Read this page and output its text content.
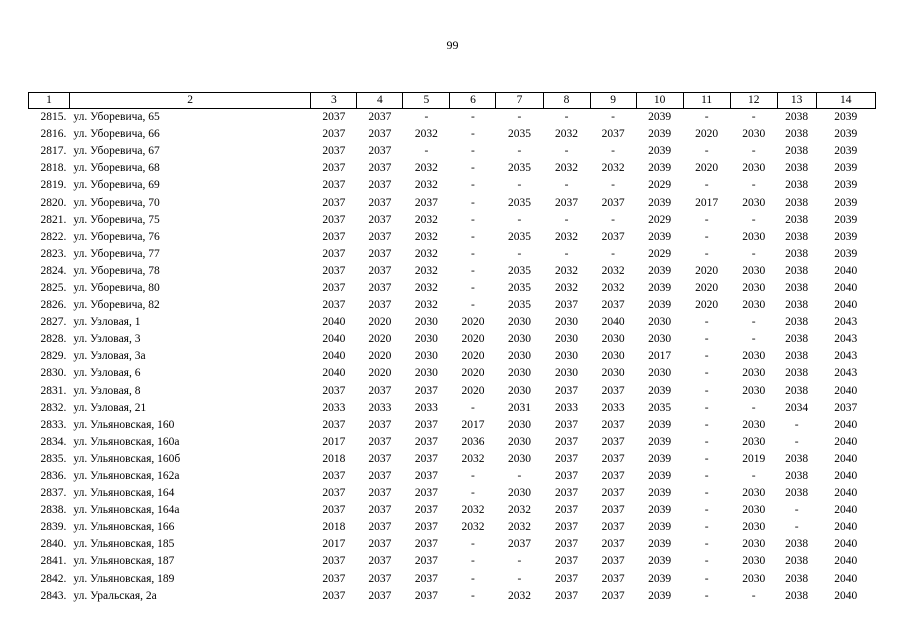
99
1	2	3	4	5	6	7	8	9	10	11	12	13	14
2815.	ул. Уборевича, 65	2037	2037	-	-	-	-	-	2039	-	-	2038	2039
2816.	ул. Уборевича, 66	2037	2037	2032	-	2035	2032	2037	2039	2020	2030	2038	2039
2817.	ул. Уборевича, 67	2037	2037	-	-	-	-	-	2039	-	-	2038	2039
2818.	ул. Уборевича, 68	2037	2037	2032	-	2035	2032	2032	2039	2020	2030	2038	2039
2819.	ул. Уборевича, 69	2037	2037	2032	-	-	-	-	2029	-	-	2038	2039
2820.	ул. Уборевича, 70	2037	2037	2037	-	2035	2037	2037	2039	2017	2030	2038	2039
2821.	ул. Уборевича, 75	2037	2037	2032	-	-	-	-	2029	-	-	2038	2039
2822.	ул. Уборевича, 76	2037	2037	2032	-	2035	2032	2037	2039	-	2030	2038	2039
2823.	ул. Уборевича, 77	2037	2037	2032	-	-	-	-	2029	-	-	2038	2039
2824.	ул. Уборевича, 78	2037	2037	2032	-	2035	2032	2032	2039	2020	2030	2038	2040
2825.	ул. Уборевича, 80	2037	2037	2032	-	2035	2032	2032	2039	2020	2030	2038	2040
2826.	ул. Уборевича, 82	2037	2037	2032	-	2035	2037	2037	2039	2020	2030	2038	2040
2827.	ул. Узловая, 1	2040	2020	2030	2020	2030	2030	2040	2030	-	-	2038	2043
2828.	ул. Узловая, 3	2040	2020	2030	2020	2030	2030	2030	2030	-	-	2038	2043
2829.	ул. Узловая, 3а	2040	2020	2030	2020	2030	2030	2030	2017	-	2030	2038	2043
2830.	ул. Узловая, 6	2040	2020	2030	2020	2030	2030	2030	2030	-	2030	2038	2043
2831.	ул. Узловая, 8	2037	2037	2037	2020	2030	2037	2037	2039	-	2030	2038	2040
2832.	ул. Узловая, 21	2033	2033	2033	-	2031	2033	2033	2035	-	-	2034	2037
2833.	ул. Ульяновская, 160	2037	2037	2037	2017	2030	2037	2037	2039	-	2030	-	2040
2834.	ул. Ульяновская, 160а	2017	2037	2037	2036	2030	2037	2037	2039	-	2030	-	2040
2835.	ул. Ульяновская, 160б	2018	2037	2037	2032	2030	2037	2037	2039	-	2019	2038	2040
2836.	ул. Ульяновская, 162а	2037	2037	2037	-	-	2037	2037	2039	-	-	2038	2040
2837.	ул. Ульяновская, 164	2037	2037	2037	-	2030	2037	2037	2039	-	2030	2038	2040
2838.	ул. Ульяновская, 164а	2037	2037	2037	2032	2032	2037	2037	2039	-	2030	-	2040
2839.	ул. Ульяновская, 166	2018	2037	2037	2032	2032	2037	2037	2039	-	2030	-	2040
2840.	ул. Ульяновская, 185	2017	2037	2037	-	2037	2037	2037	2039	-	2030	2038	2040
2841.	ул. Ульяновская, 187	2037	2037	2037	-	-	2037	2037	2039	-	2030	2038	2040
2842.	ул. Ульяновская, 189	2037	2037	2037	-	-	2037	2037	2039	-	2030	2038	2040
2843.	ул. Уральская, 2а	2037	2037	2037	-	2032	2037	2037	2039	-	-	2038	2040
